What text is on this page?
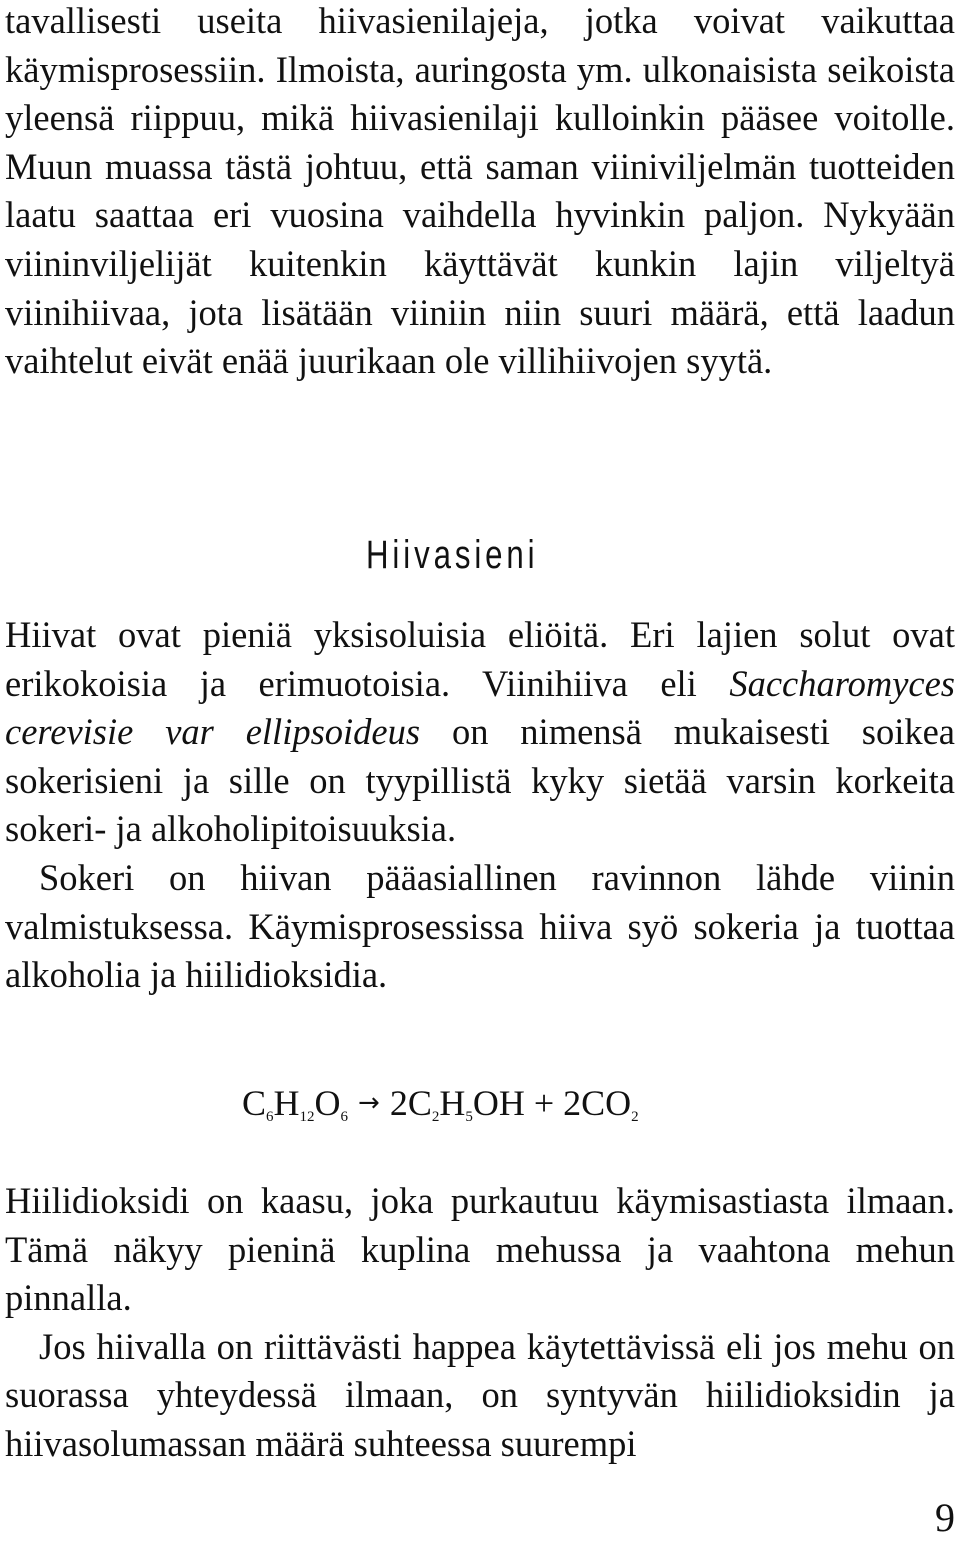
tavallisesti useita hiivasienilajeja, jotka voivat vaikuttaa käymisprosessiin. Ilmoista, auringosta ym. ulkonaisista seikoista yleensä riippuu, mikä hiivasienilaji kulloinkin pääsee voitolle. Muun muassa tästä johtuu, että saman viiniviljelmän tuotteiden laatu saattaa eri vuosina vaihdella hyvinkin paljon. Nykyään viininviljelijät kuitenkin käyttävät kunkin lajin viljeltyä viinihiivaa, jota lisätään viiniin niin suuri määrä, että laadun vaihtelut eivät enää juurikaan ole villihiivojen syytä.

Hiivasieni

Hiivat ovat pieniä yksisoluisia eliöitä. Eri lajien solut ovat erikokoisia ja erimuotoisia. Viinihiiva eli Saccharomyces cerevisie var ellipsoideus on nimensä mukaisesti soikea sokerisieni ja sille on tyypillistä kyky sietää varsin korkeita sokeri- ja alkoholipitoisuuksia.

Sokeri on hiivan pääasiallinen ravinnon lähde viinin valmistuksessa. Käymisprosessissa hiiva syö sokeria ja tuottaa alkoholia ja hiilidioksidia.

$C_6H_{12}O_6 \to 2C_2H_5OH + 2CO_2$

Hiilidioksidi on kaasu, joka purkautuu käymisastiasta ilmaan. Tämä näkyy pieninä kuplina mehussa ja vaahtona mehun pinnalla.

Jos hiivalla on riittävästi happea käytettävissä eli jos mehu on suorassa yhteydessä ilmaan, on syntyvän hiilidioksidin ja hiivasolumassan määrä suhteessa suurempi

9
